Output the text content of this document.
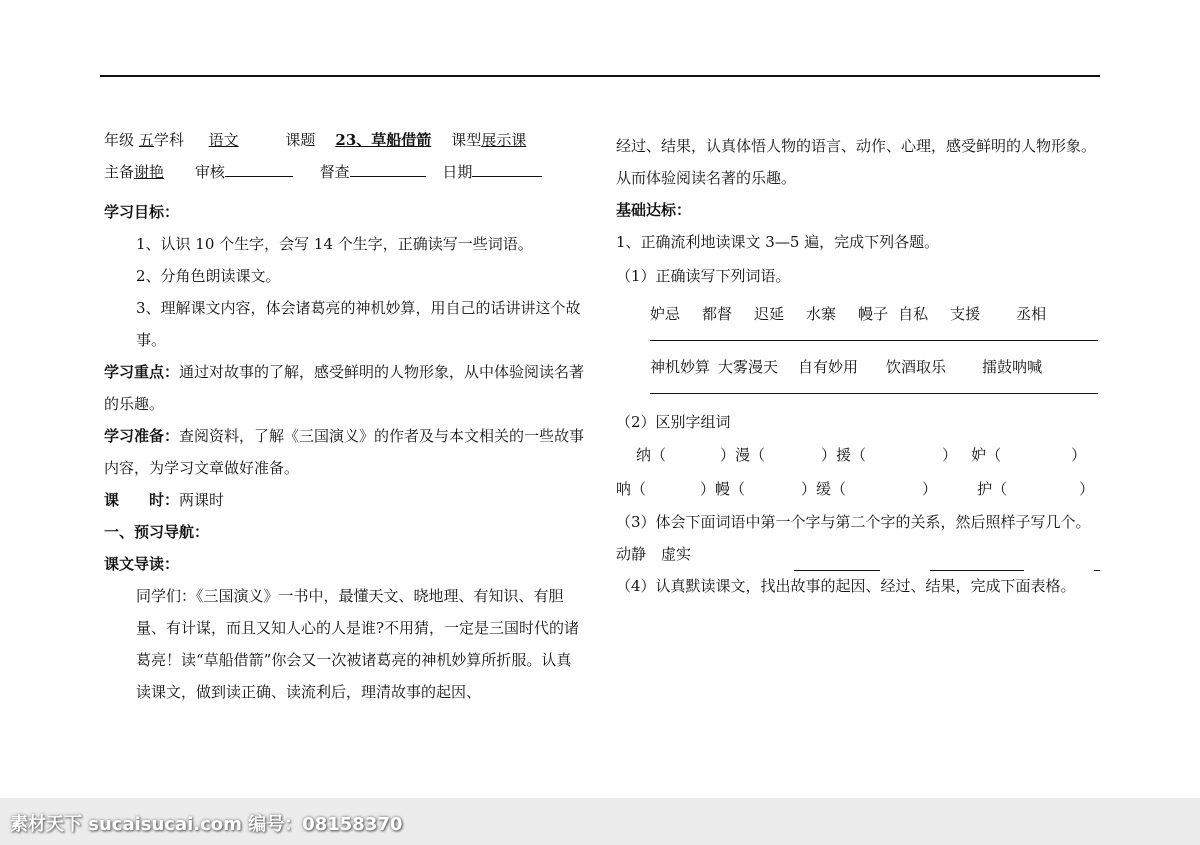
年级 五学科 语文	课题 23、草船借箭 课型展示课
主备谢艳 审核	督查	日期

学习目标：

1、认识 10 个生字，会写 14 个生字，正确读写一些词语。

2、分角色朗读课文。

3、理解课文内容，体会诸葛亮的神机妙算，用自己的话讲讲这个故事。

学习重点：通过对故事的了解，感受鲜明的人物形象，从中体验阅读名著的乐趣。

学习准备：查阅资料，了解《三国演义》的作者及与本文相关的一些故事内容，为学习文章做好准备。

课　　时：两课时

一、预习导航：

课文导读：

同学们：《三国演义》一书中，最懂天文、晓地理、有知识、有胆量、有计谋，而且又知人心的人是谁?不用猜，一定是三国时代的诸葛亮！读“草船借箭”你会又一次被诸葛亮的神机妙算所折服。认真读课文，做到读正确、读流利后，理清故事的起因、

经过、结果，认真体悟人物的语言、动作、心理，感受鲜明的人物形象。从而体验阅读名著的乐趣。

基础达标：

1、正确流利地读课文 3—5 遍，完成下列各题。

（1）正确读写下列词语。

妒忌 都督 迟延 水寨 幔子 自私 支援 丞相
神机妙算 大雾漫天 自有妙用 饮酒取乐 擂鼓呐喊

（2）区别字组词

纳（	）漫（	）援（	） 妒（	）
呐（	）幔（	）缓（	）	护（	）

（3）体会下面词语中第一个字与第二个字的关系，然后照样子写几个。动静　虚实

（4）认真默读课文，找出故事的起因、经过、结果，完成下面表格。

素材天下 sucaisucai.com 编号：08158370
